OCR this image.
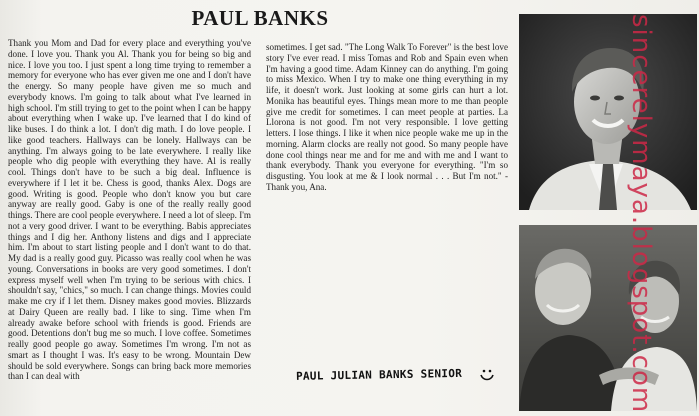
PAUL BANKS

Thank you Mom and Dad for every place and everything you've done. I love you. Thank you Al. Thank you for being so big and nice. I love you too. I just spent a long time trying to remember a memory for everyone who has ever given me one and I don't have the energy. So many people have given me so much and everybody knows. I'm going to talk about what I've learned in high school. I'm still trying to get to the point when I can be happy about everything when I wake up. I've learned that I do kind of like buses. I do think a lot. I don't dig math. I do love people. I like good teachers. Hallways can be lonely. Hallways can be anything. I'm always going to be late everywhere. I really like people who dig people with everything they have. Al is really cool. Things don't have to be such a big deal. Influence is everywhere if I let it be. Chess is good, thanks Alex. Dogs are good. Writing is good. People who don't know you but care anyway are really good. Gaby is one of the really really good things. There are cool people everywhere. I need a lot of sleep. I'm not a very good driver. I want to be everything. Babis appreciates things and I dig her. Anthony listens and digs and I appreciate him. I'm about to start listing people and I don't want to do that. My dad is a really good guy. Picasso was really cool when he was young. Conversations in books are very good sometimes. I don't express myself well when I'm trying to be serious with chics. I shouldn't say, "chics," so much. I can change things. Movies could make me cry if I let them. Disney makes good movies. Blizzards at Dairy Queen are really bad. I like to sing. Time when I'm already awake before school with friends is good. Friends are good. Detentions don't bug me so much. I love coffee. Sometimes really good people go away. Sometimes I'm wrong. I'm not as smart as I thought I was. It's easy to be wrong. Mountain Dew should be sold everywhere. Songs can bring back more memories than I can deal with

sometimes. I get sad. "The Long Walk To Forever" is the best love story I've ever read. I miss Tomas and Rob and Spain even when I'm having a good time. Adam Kinney can do anything. I'm going to miss Mexico. When I try to make one thing everything in my life, it doesn't work. Just looking at some girls can hurt a lot. Monika has beautiful eyes. Things mean more to me than people give me credit for sometimes. I can meet people at parties. La Llorona is not good. I'm not very responsible. I love getting letters. I lose things. I like it when nice people wake me up in the morning. Alarm clocks are really not good. So many people have done cool things near me and for me and with me and I want to thank everybody. Thank you everyone for everything. "I'm so disgusting. You look at me & I look normal . . . But I'm not." - Thank you, Ana.

PAUL JULIAN BANKS SENIOR	sincerelymaya.blogspot.com
